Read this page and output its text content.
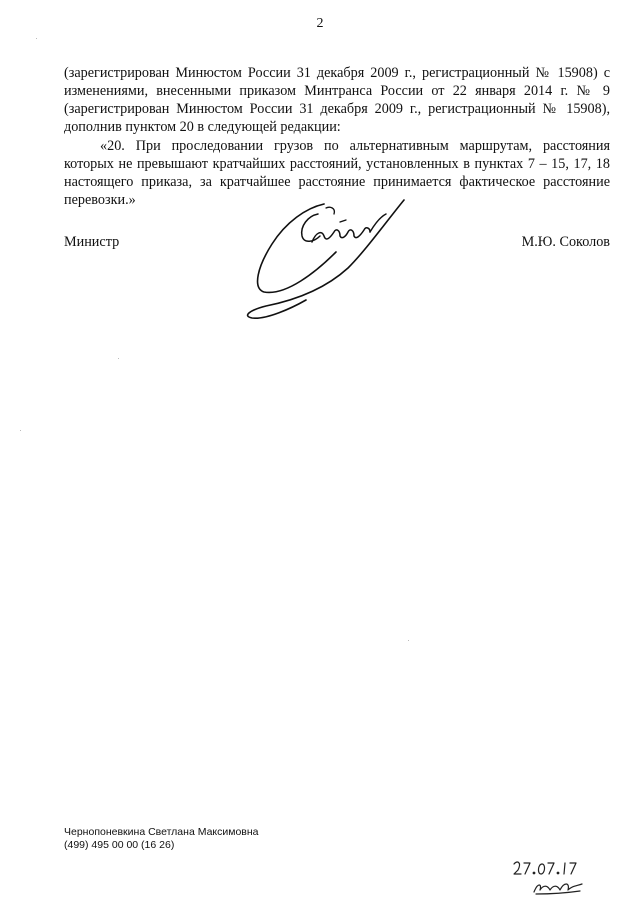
2

(зарегистрирован Минюстом России 31 декабря 2009 г., регистрационный № 15908) с изменениями, внесенными приказом Минтранса России от 22 января 2014 г. № 9 (зарегистрирован Минюстом России 31 декабря 2009 г., регистрационный № 15908), дополнив пунктом 20 в следующей редакции:

«20. При проследовании грузов по альтернативным маршрутам, расстояния которых не превышают кратчайших расстояний, установленных в пунктах 7 – 15, 17, 18 настоящего приказа, за кратчайшее расстояние принимается фактическое расстояние перевозки.»

Министр	М.Ю. Соколов
Чернопоневкина Светлана Максимовна
(499) 495 00 00 (16 26)
